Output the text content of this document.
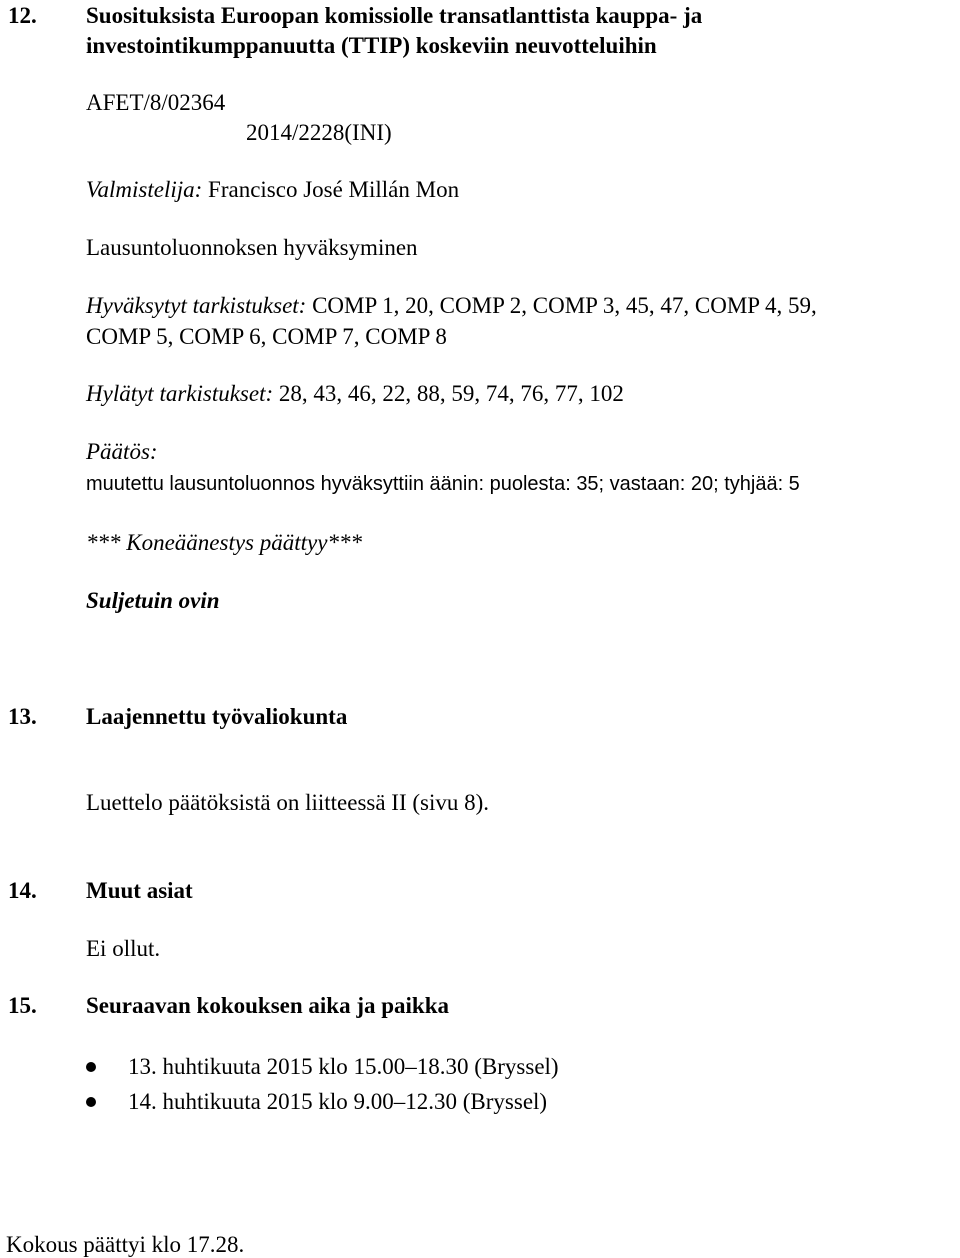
12. Suosituksista Euroopan komissiolle transatlanttista kauppa- ja
investointikumppanuutta (TTIP) koskeviin neuvotteluihin
AFET/8/02364
2014/2228(INI)
Valmistelija: Francisco José Millán Mon
Lausuntoluonnoksen hyväksyminen
Hyväksytyt tarkistukset: COMP 1, 20, COMP 2, COMP 3, 45, 47, COMP 4, 59,
COMP 5, COMP 6, COMP 7, COMP 8
Hylätyt tarkistukset: 28, 43, 46, 22, 88, 59, 74, 76, 77, 102
Päätös:
muutettu lausuntoluonnos hyväksyttiin äänin: puolesta: 35; vastaan: 20; tyhjää: 5
*** Koneäänestys päättyy***
Suljetuin ovin
13. Laajennettu työvaliokunta
Luettelo päätöksistä on liitteessä II (sivu 8).
14. Muut asiat
Ei ollut.
15. Seuraavan kokouksen aika ja paikka
13. huhtikuuta 2015 klo 15.00–18.30 (Bryssel)
14. huhtikuuta 2015 klo 9.00–12.30 (Bryssel)
Kokous päättyi klo 17.28.
